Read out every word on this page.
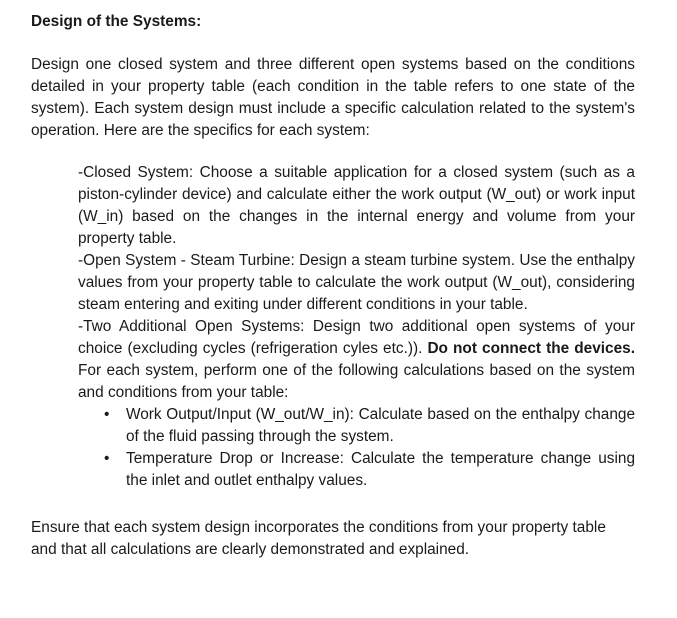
Design of the Systems:

Design one closed system and three different open systems based on the conditions detailed in your property table (each condition in the table refers to one state of the system). Each system design must include a specific calculation related to the system's operation. Here are the specifics for each system:

-Closed System: Choose a suitable application for a closed system (such as a piston-cylinder device) and calculate either the work output (W_out) or work input (W_in) based on the changes in the internal energy and volume from your property table.

-Open System - Steam Turbine: Design a steam turbine system. Use the enthalpy values from your property table to calculate the work output (W_out), considering steam entering and exiting under different conditions in your table.

-Two Additional Open Systems: Design two additional open systems of your choice (excluding cycles (refrigeration cyles etc.)). Do not connect the devices. For each system, perform one of the following calculations based on the system and conditions from your table:

• Work Output/Input (W_out/W_in): Calculate based on the enthalpy change of the fluid passing through the system.
• Temperature Drop or Increase: Calculate the temperature change using the inlet and outlet enthalpy values.

Ensure that each system design incorporates the conditions from your property table and that all calculations are clearly demonstrated and explained.
